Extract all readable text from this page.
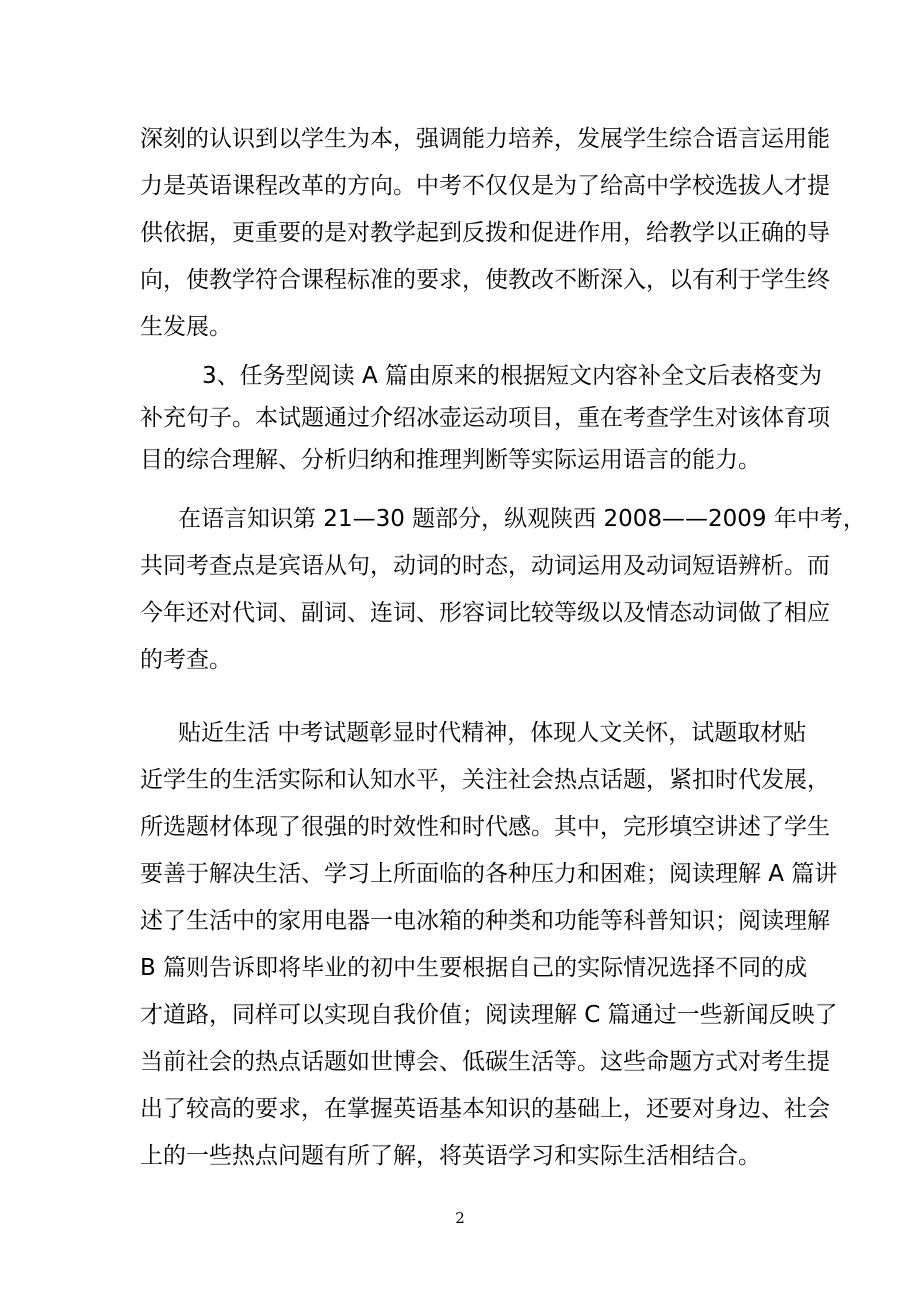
深刻的认识到以学生为本，强调能力培养，发展学生综合语言运用能

力是英语课程改革的方向。中考不仅仅是为了给高中学校选拔人才提

供依据，更重要的是对教学起到反拨和促进作用，给教学以正确的导

向，使教学符合课程标准的要求，使教改不断深入，以有利于学生终

生发展。

3、任务型阅读 A 篇由原来的根据短文内容补全文后表格变为

补充句子。本试题通过介绍冰壶运动项目，重在考查学生对该体育项

目的综合理解、分析归纳和推理判断等实际运用语言的能力。

在语言知识第 21—30 题部分，纵观陕西 2008——2009 年中考，

共同考查点是宾语从句，动词的时态，动词运用及动词短语辨析。而

今年还对代词、副词、连词、形容词比较等级以及情态动词做了相应

的考查。

贴近生活 中考试题彰显时代精神，体现人文关怀，试题取材贴

近学生的生活实际和认知水平，关注社会热点话题，紧扣时代发展，

所选题材体现了很强的时效性和时代感。其中，完形填空讲述了学生

要善于解决生活、学习上所面临的各种压力和困难；阅读理解 A 篇讲

述了生活中的家用电器一电冰箱的种类和功能等科普知识；阅读理解

B 篇则告诉即将毕业的初中生要根据自己的实际情况选择不同的成

才道路，同样可以实现自我价值；阅读理解 C 篇通过一些新闻反映了

当前社会的热点话题如世博会、低碳生活等。这些命题方式对考生提

出了较高的要求，在掌握英语基本知识的基础上，还要对身边、社会

上的一些热点问题有所了解，将英语学习和实际生活相结合。

2
